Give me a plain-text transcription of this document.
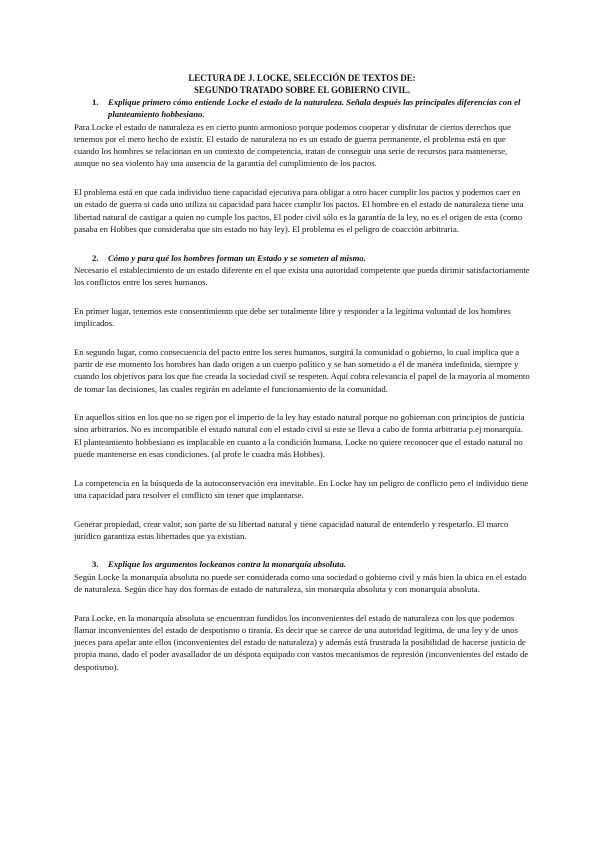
LECTURA DE J. LOCKE, SELECCIÓN DE TEXTOS DE:
SEGUNDO TRATADO SOBRE EL GOBIERNO CIVIL.
1. Explique primero cómo entiende Locke el estado de la naturaleza. Señala después las principales diferencias con el planteamiento hobbesiano.

Para Locke el estado de naturaleza es en cierto punto armonioso porque podemos cooperar y disfrutar de ciertos derechos que tenemos por el mero hecho de existir. El estado de naturaleza no es un estado de guerra permanente, el problema está en que cuando los hombres se relacionan en un contexto de competencia, tratan de conseguir una serie de recursos para mantenerse, aunque no sea violento hay una ausencia de la garantía del cumplimiento de los pactos.

El problema está en que cada individuo tiene capacidad ejecutiva para obligar a otro hacer cumplir los pactos y podemos caer en un estado de guerra si cada uno utiliza su capacidad para hacer cumplir los pactos. El hombre en el estado de naturaleza tiene una libertad natural de castigar a quien no cumple los pactos, El poder civil sólo es la garantía de la ley, no es el origen de esta (como pasaba en Hobbes que consideraba que sin estado no hay ley). El problema es el peligro de coacción arbitraria.

2. Cómo y para qué los hombres forman un Estado y se someten al mismo.

Necesario el establecimiento de un estado diferente en el que exista una autoridad competente que pueda dirimir satisfactoriamente los conflictos entre los seres humanos.

En primer lugar, tenemos este consentimiento que debe ser totalmente libre y responder a la legítima voluntad de los hombres implicados.

En segundo lugar, como consecuencia del pacto entre los seres humanos, surgirá la comunidad o gobierno, lo cual implica que a partir de ese momento los hombres han dado origen a un cuerpo político y se han sometido a él de manera indefinida, siempre y cuando los objetivos para los que fue creada la sociedad civil se respeten. Aquí cobra relevancia el papel de la mayoría al momento de tomar las decisiones, las cuales regirán en adelante el funcionamiento de la comunidad.

En aquellos sitios en los que no se rigen por el imperio de la ley hay estado natural porque no gobiernan con principios de justicia sino arbitrarios. No es incompatible el estado natural con el estado civil si este se lleva a cabo de forma arbitraria p.ej monarquía. El planteamiento hobbesiano es implacable en cuanto a la condición humana. Locke no quiere reconocer que el estado natural no puede mantenerse en esas condiciones. (al profe le cuadra más Hobbes).

La competencia en la búsqueda de la autoconservación era inevitable. En Locke hay un peligro de conflicto pero el individuo tiene una capacidad para resolver el conflicto sin tener que implantarse.

Generar propiedad, crear valor, son parte de su libertad natural y tiene capacidad natural de entenderlo y respetarlo. El marco jurídico garantiza estas libertades que ya existían.

3. Explique los argumentos lockeanos contra la monarquía absoluta.

Según Locke la monarquía absoluta no puede ser considerada como una sociedad o gobierno civil y más bien la ubica en el estado de naturaleza. Según dice hay dos formas de estado de naturaleza, sin monarquía absoluta y con monarquía absoluta.

Para Locke, en la monarquía absoluta se encuentran fundidos los inconvenientes del estado de naturaleza con los que podemos llamar inconvenientes del estado de despotismo o tiranía. Es decir que se carece de una autoridad legítima, de una ley y de unos jueces para apelar ante ellos (inconvenientes del estado de naturaleza) y además está frustrada la posibilidad de hacerse justicia de propia mano, dado el poder avasallador de un déspota equipado con vastos mecanismos de represión (inconvenientes del estado de despotismo).
